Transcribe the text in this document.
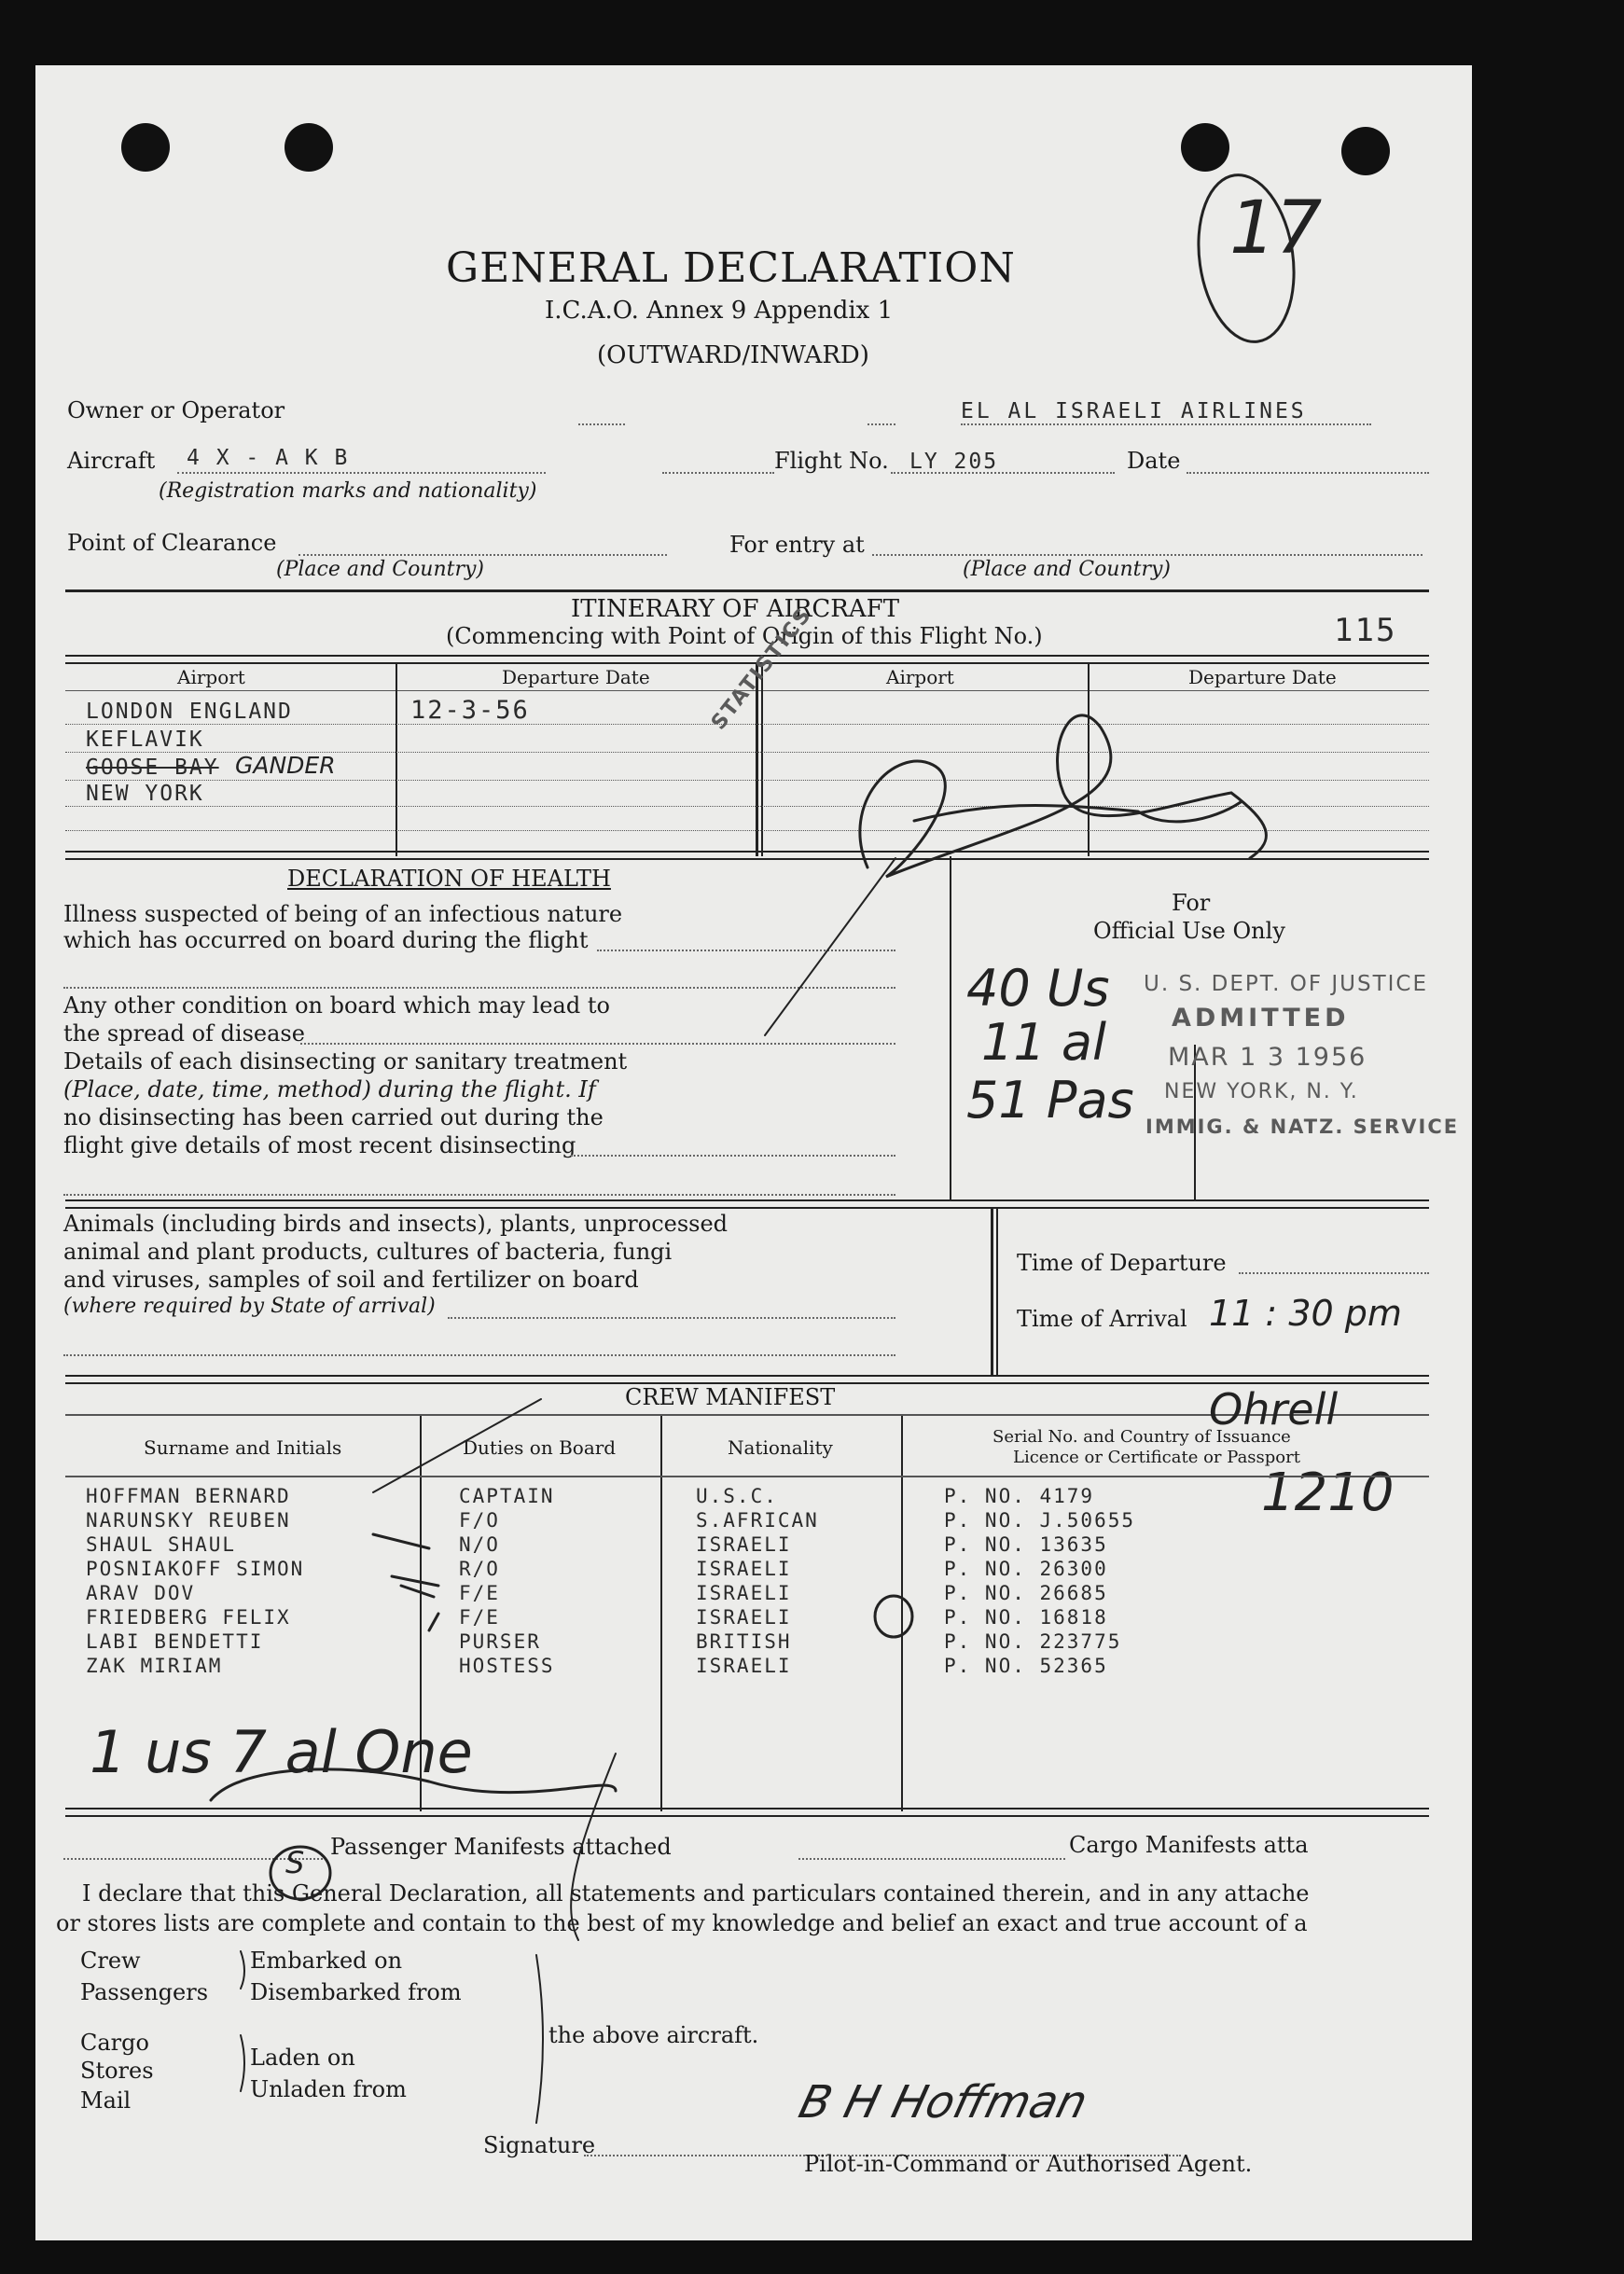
GENERAL DECLARATION
I.C.A.O. Annex 9 Appendix 1
(OUTWARD/INWARD)
17
Owner or Operator	EL AL ISRAELI AIRLINES
Aircraft 4 X - A K B
(Registration marks and nationality)
Flight No. LY 205	Date
Point of Clearance
(Place and Country)
For entry at
(Place and Country)
ITINERARY OF AIRCRAFT
(Commencing with Point of Origin of this Flight No.)	115
Airport	Departure Date	Airport	Departure Date
LONDON ENGLAND	12-3-56
KEFLAVIK
GOOSE BAY GANDER
NEW YORK
STATISTICS
DECLARATION OF HEALTH
Illness suspected of being of an infectious nature
which has occurred on board during the flight
Any other condition on board which may lead to
the spread of disease
Details of each disinsecting or sanitary treatment
(Place, date, time, method) during the flight. If
no disinsecting has been carried out during the
flight give details of most recent disinsecting
For
Official Use Only
40 Us
11 al
51 Pas
U. S. DEPT. OF JUSTICE
ADMITTED
MAR 1 3 1956
NEW YORK, N. Y.
IMMIG. & NATZ. SERVICE
Animals (including birds and insects), plants, unprocessed
animal and plant products, cultures of bacteria, fungi
and viruses, samples of soil and fertilizer on board
(where required by State of arrival)
Time of Departure
Time of Arrival 11 : 30 pm
CREW MANIFEST
Surname and Initials	Duties on Board	Nationality	Serial No. and Country of Issuance
Licence or Certificate or Passport
Ohrell
1210
HOFFMAN BERNARD	CAPTAIN	U.S.C.	P. NO. 4179
NARUNSKY REUBEN	F/O	S.AFRICAN	P. NO. J.50655
SHAUL SHAUL	N/O	ISRAELI	P. NO. 13635
POSNIAKOFF SIMON	R/O	ISRAELI	P. NO. 26300
ARAV DOV	F/E	ISRAELI	P. NO. 26685
FRIEDBERG FELIX	F/E	ISRAELI	P. NO. 16818
LABI BENDETTI	PURSER	BRITISH	P. NO. 223775
ZAK MIRIAM	HOSTESS	ISRAELI	P. NO. 52365
1 us 7 al One
Passenger Manifests attached	Cargo Manifests atta
S
I declare that this General Declaration, all statements and particulars contained therein, and in any attache
or stores lists are complete and contain to the best of my knowledge and belief an exact and true account of a
Crew
Passengers
Embarked on
Disembarked from
the above aircraft.
Cargo
Stores
Mail
Laden on
Unladen from
Signature
B H Hoffman
Pilot-in-Command or Authorised Agent.
